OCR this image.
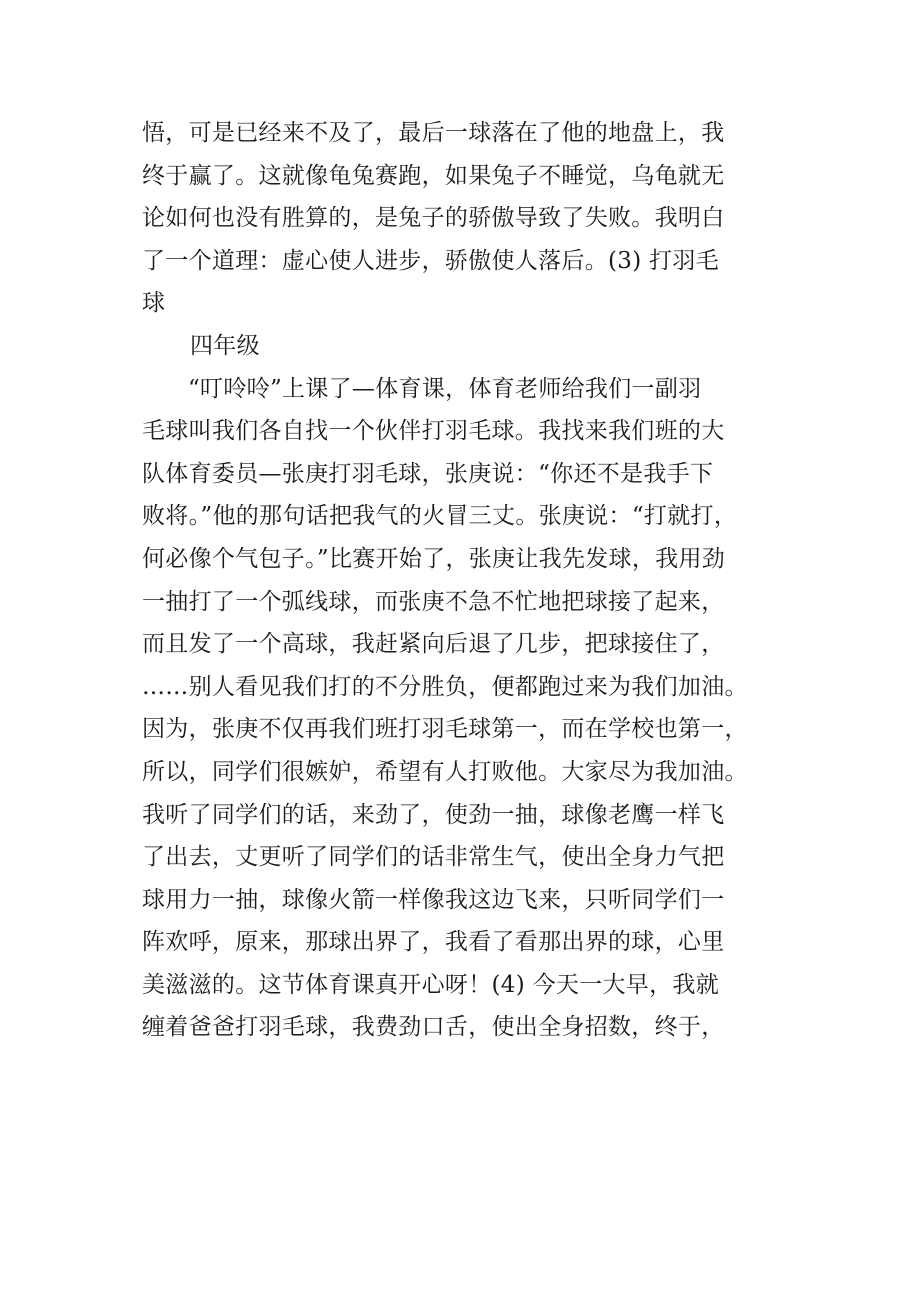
悟，可是已经来不及了，最后一球落在了他的地盘上，我
终于赢了。这就像龟兔赛跑，如果兔子不睡觉，乌龟就无
论如何也没有胜算的，是兔子的骄傲导致了失败。我明白
了一个道理：虚心使人进步，骄傲使人落后。(3) 打羽毛
球
四年级
“叮呤呤”上课了—体育课，体育老师给我们一副羽
毛球叫我们各自找一个伙伴打羽毛球。我找来我们班的大
队体育委员—张庚打羽毛球，张庚说：“你还不是我手下
败将。”他的那句话把我气的火冒三丈。张庚说：“打就打，
何必像个气包子。”比赛开始了，张庚让我先发球，我用劲
一抽打了一个弧线球，而张庚不急不忙地把球接了起来，
而且发了一个高球，我赶紧向后退了几步，把球接住了，
……别人看见我们打的不分胜负，便都跑过来为我们加油。
因为，张庚不仅再我们班打羽毛球第一，而在学校也第一，
所以，同学们很嫉妒，希望有人打败他。大家尽为我加油。
我听了同学们的话，来劲了，使劲一抽，球像老鹰一样飞
了出去，丈更听了同学们的话非常生气，使出全身力气把
球用力一抽，球像火箭一样像我这边飞来，只听同学们一
阵欢呼，原来，那球出界了，我看了看那出界的球，心里
美滋滋的。这节体育课真开心呀！(4) 今天一大早，我就
缠着爸爸打羽毛球，我费劲口舌，使出全身招数，终于，
